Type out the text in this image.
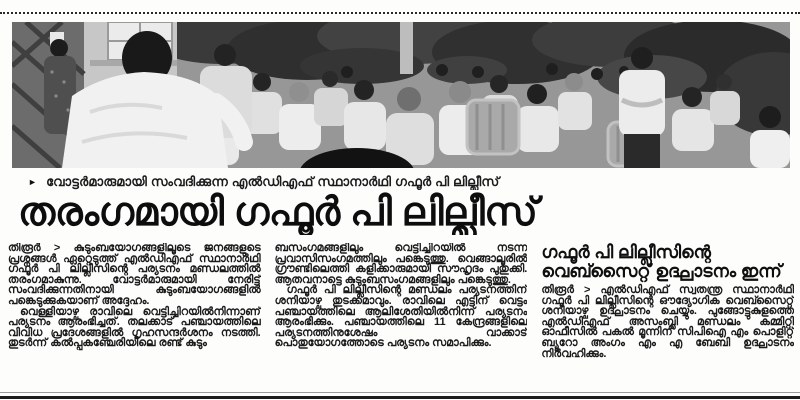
► വോട്ടർമാരുമായി സംവദിക്കുന്ന എൽഡിഎഫ് സ്ഥാനാർഥി ഗഫൂർ പി ലില്ലീസ്
തരംഗമായി ഗഫൂർ പി ലില്ലീസ്

തിരൂർ > കുടുംബയോഗങ്ങളിലൂടെ ജനങ്ങളുടെ പ്രശ്നങ്ങൾ ഏറ്റെടുത്ത് എൽഡിഎഫ് സ്ഥാനാർഥി ഗഫൂർ പി ലില്ലീസിന്റെ പര്യടനം മണ്ഡലത്തിൽ തരംഗമാകുന്നു. വോട്ടർമാരുമായി നേരിട്ട് സംവദിക്കുന്നതിനായി കുടുംബയോഗങ്ങളിൽ പങ്കെടുക്കുകയാണ് അദ്ദേഹം.

വെള്ളിയാഴ്ച രാവിലെ വെട്ടിച്ചിറയിൽനിന്നാണ് പര്യടനം ആരംഭിച്ചത്. തലക്കാട് പഞ്ചായത്തിലെ വിവിധ പ്രദേശങ്ങളിൽ ഗൃഹസന്ദർശനം നടത്തി. തുടർന്ന് കൽപ്പകഞ്ചേരിയിലെ രണ്ട് കുടും

ബസംഗമങ്ങളിലും വെട്ടിച്ചിറയിൽ നടന്ന പ്രവാസിസംഗമത്തിലും പങ്കെടുത്തു. വെങ്ങാലൂരിൽ ഗ്രൗണ്ടിലെത്തി കളിക്കാരുമായി സൗഹൃദം പുതുക്കി. ആതവനാട്ടെ കുടുംബസംഗമങ്ങളിലും പങ്കെടുത്തു.

ഗഫൂർ പി ലില്ലീസിന്റെ മണ്ഡലം പര്യടനത്തിന് ശനിയാഴ്ച തുടക്കമാവും. രാവിലെ എട്ടിന് വെട്ടം പഞ്ചായത്തിലെ ആലിശേതിയിൽനിന്ന് പര്യടനം ആരംഭിക്കും. പഞ്ചായത്തിലെ 11 കേന്ദ്രങ്ങളിലെ പര്യടനത്തിനുശേഷം വാക്കാട് പൊതുയോഗത്തോടെ പര്യടനം സമാപിക്കും.

ഗഫൂർ പി ലില്ലീസിന്റെ വെബ്സൈറ്റ് ഉദ്ഘാടനം ഇന്ന്

തിരൂർ > എൽഡിഎഫ് സ്വതന്ത്ര സ്ഥാനാർഥി ഗഫൂർ പി ലില്ലീസിന്റെ ഔദ്യോഗിക വെബ്സൈറ്റ് ശനിയാഴ്ച ഉദ്ഘാടനം ചെയ്യും. പുങ്ങോട്ടുകുളത്തെ എൽഡിഎഫ് അസംബ്ലി മണ്ഡലം കമ്മിറ്റി ഓഫീസിൽ പകൽ മൂന്നിന് സിപിഐ എം പൊളിറ്റ് ബ്യൂറോ അംഗം എം എ ബേബി ഉദ്ഘാടനം നിർവഹിക്കും.
